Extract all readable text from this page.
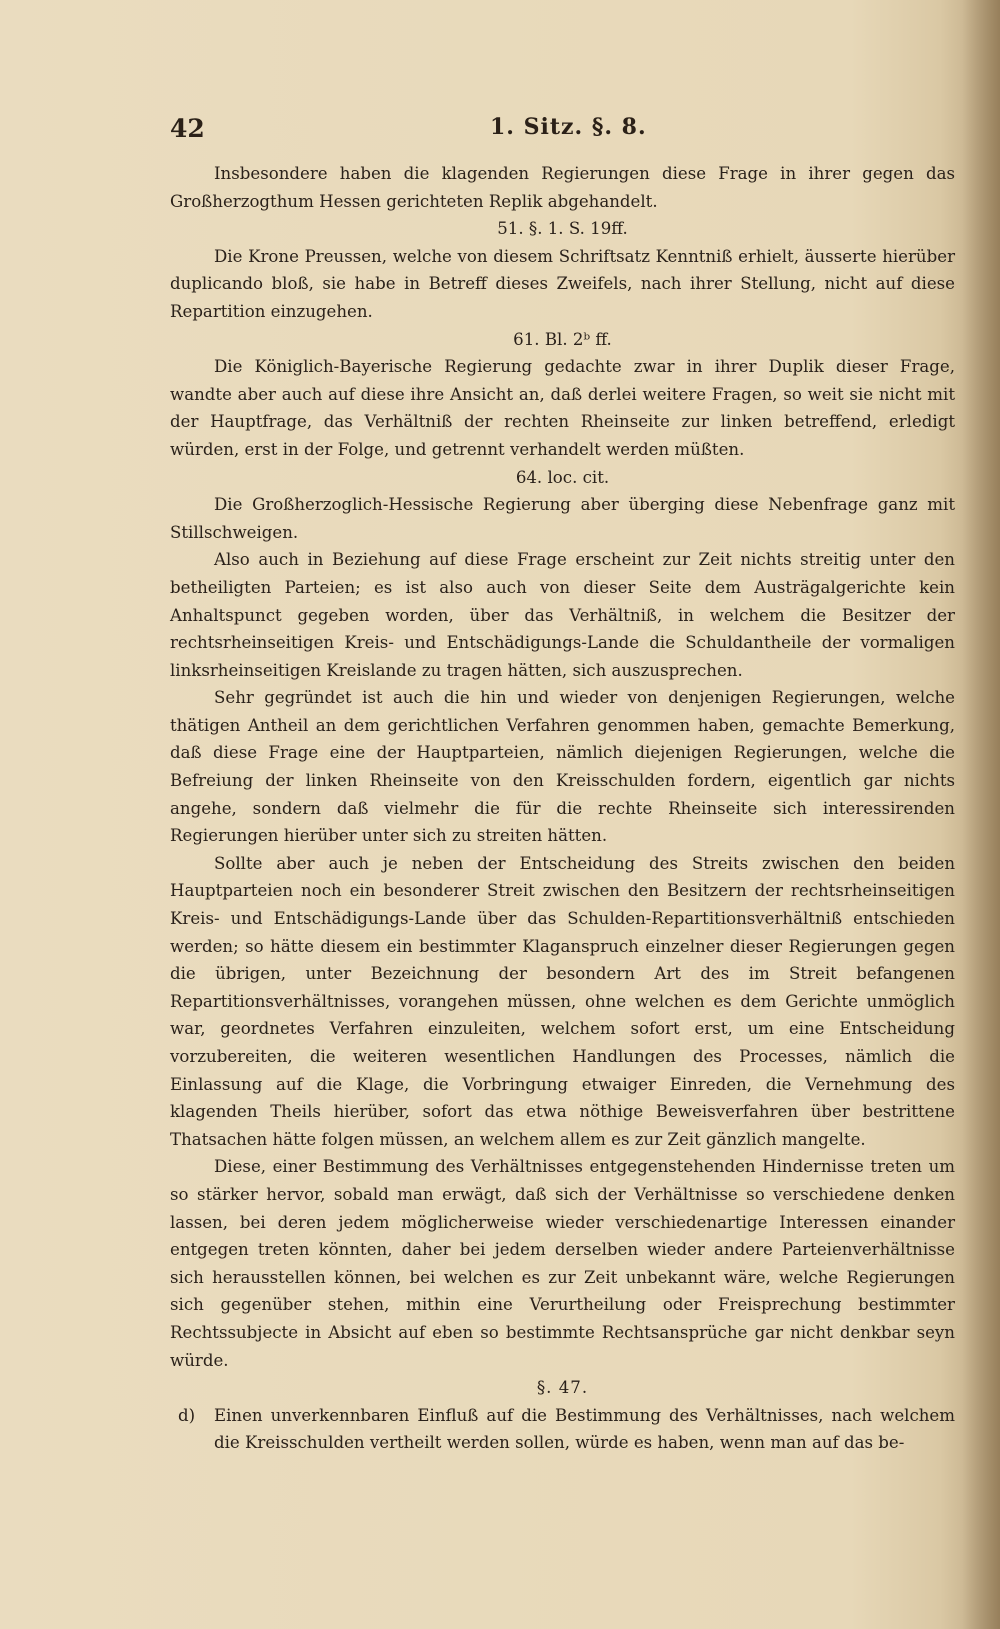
42	1. Sitz. §. 8.

Insbesondere haben die klagenden Regierungen diese Frage in ihrer gegen das Großherzogthum Hessen gerichteten Replik abgehandelt.

51. §. 1. S. 19ff.

Die Krone Preussen, welche von diesem Schriftsatz Kenntniß erhielt, äusserte hierüber duplicando bloß, sie habe in Betreff dieses Zweifels, nach ihrer Stellung, nicht auf diese Repartition einzugehen.

61. Bl. 2ᵇ ff.

Die Königlich-Bayerische Regierung gedachte zwar in ihrer Duplik dieser Frage, wandte aber auch auf diese ihre Ansicht an, daß derlei weitere Fragen, so weit sie nicht mit der Hauptfrage, das Verhältniß der rechten Rheinseite zur linken betreffend, erledigt würden, erst in der Folge, und getrennt verhandelt werden müßten.

64. loc. cit.

Die Großherzoglich-Hessische Regierung aber überging diese Nebenfrage ganz mit Stillschweigen.

Also auch in Beziehung auf diese Frage erscheint zur Zeit nichts streitig unter den betheiligten Parteien; es ist also auch von dieser Seite dem Austrägalgerichte kein Anhaltspunct gegeben worden, über das Verhältniß, in welchem die Besitzer der rechtsrheinseitigen Kreis- und Entschädigungs-Lande die Schuldantheile der vormaligen linksrheinseitigen Kreislande zu tragen hätten, sich auszusprechen.

Sehr gegründet ist auch die hin und wieder von denjenigen Regierungen, welche thätigen Antheil an dem gerichtlichen Verfahren genommen haben, gemachte Bemerkung, daß diese Frage eine der Hauptparteien, nämlich diejenigen Regierungen, welche die Befreiung der linken Rheinseite von den Kreisschulden fordern, eigentlich gar nichts angehe, sondern daß vielmehr die für die rechte Rheinseite sich interessirenden Regierungen hierüber unter sich zu streiten hätten.

Sollte aber auch je neben der Entscheidung des Streits zwischen den beiden Hauptparteien noch ein besonderer Streit zwischen den Besitzern der rechtsrheinseitigen Kreis- und Entschädigungs-Lande über das Schulden-Repartitionsverhältniß entschieden werden; so hätte diesem ein bestimmter Klaganspruch einzelner dieser Regierungen gegen die übrigen, unter Bezeichnung der besondern Art des im Streit befangenen Repartitionsverhältnisses, vorangehen müssen, ohne welchen es dem Gerichte unmöglich war, geordnetes Verfahren einzuleiten, welchem sofort erst, um eine Entscheidung vorzubereiten, die weiteren wesentlichen Handlungen des Processes, nämlich die Einlassung auf die Klage, die Vorbringung etwaiger Einreden, die Vernehmung des klagenden Theils hierüber, sofort das etwa nöthige Beweisverfahren über bestrittene Thatsachen hätte folgen müssen, an welchem allem es zur Zeit gänzlich mangelte.

Diese, einer Bestimmung des Verhältnisses entgegenstehenden Hindernisse treten um so stärker hervor, sobald man erwägt, daß sich der Verhältnisse so verschiedene denken lassen, bei deren jedem möglicherweise wieder verschiedenartige Interessen einander entgegen treten könnten, daher bei jedem derselben wieder andere Parteienverhältnisse sich herausstellen können, bei welchen es zur Zeit unbekannt wäre, welche Regierungen sich gegenüber stehen, mithin eine Verurtheilung oder Freisprechung bestimmter Rechtssubjecte in Absicht auf eben so bestimmte Rechtsansprüche gar nicht denkbar seyn würde.

§. 47.

d) Einen unverkennbaren Einfluß auf die Bestimmung des Verhältnisses, nach welchem die Kreisschulden vertheilt werden sollen, würde es haben, wenn man auf das be-
